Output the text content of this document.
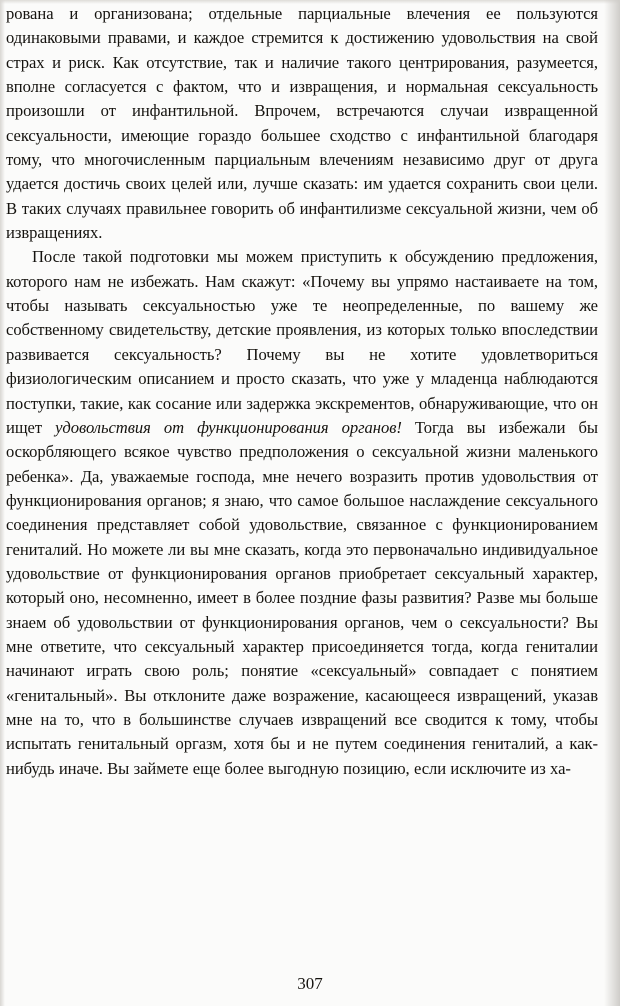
рована и организована; отдельные парциальные влечения ее пользуются одинаковыми правами, и каждое стремится к достижению удовольствия на свой страх и риск. Как отсутствие, так и наличие такого центрирования, разумеется, вполне согласуется с фактом, что и извращения, и нормальная сексуальность произошли от инфантильной. Впрочем, встречаются случаи извращенной сексуальности, имеющие гораздо большее сходство с инфантильной благодаря тому, что многочисленным парциальным влечениям независимо друг от друга удается достичь своих целей или, лучше сказать: им удается сохранить свои цели. В таких случаях правильнее говорить об инфантилизме сексуальной жизни, чем об извращениях.

После такой подготовки мы можем приступить к обсуждению предложения, которого нам не избежать. Нам скажут: «Почему вы упрямо настаиваете на том, чтобы называть сексуальностью уже те неопределенные, по вашему же собственному свидетельству, детские проявления, из которых только впоследствии развивается сексуальность? Почему вы не хотите удовлетвориться физиологическим описанием и просто сказать, что уже у младенца наблюдаются поступки, такие, как сосание или задержка экскрементов, обнаруживающие, что он ищет удовольствия от функционирования органов! Тогда вы избежали бы оскорбляющего всякое чувство предположения о сексуальной жизни маленького ребенка». Да, уважаемые господа, мне нечего возразить против удовольствия от функционирования органов; я знаю, что самое большое наслаждение сексуального соединения представляет собой удовольствие, связанное с функционированием гениталий. Но можете ли вы мне сказать, когда это первоначально индивидуальное удовольствие от функционирования органов приобретает сексуальный характер, который оно, несомненно, имеет в более поздние фазы развития? Разве мы больше знаем об удовольствии от функционирования органов, чем о сексуальности? Вы мне ответите, что сексуальный характер присоединяется тогда, когда гениталии начинают играть свою роль; понятие «сексуальный» совпадает с понятием «генитальный». Вы отклоните даже возражение, касающееся извращений, указав мне на то, что в большинстве случаев извращений все сводится к тому, чтобы испытать генитальный оргазм, хотя бы и не путем соединения гениталий, а как-нибудь иначе. Вы займете еще более выгодную позицию, если исключите из ха-

307
